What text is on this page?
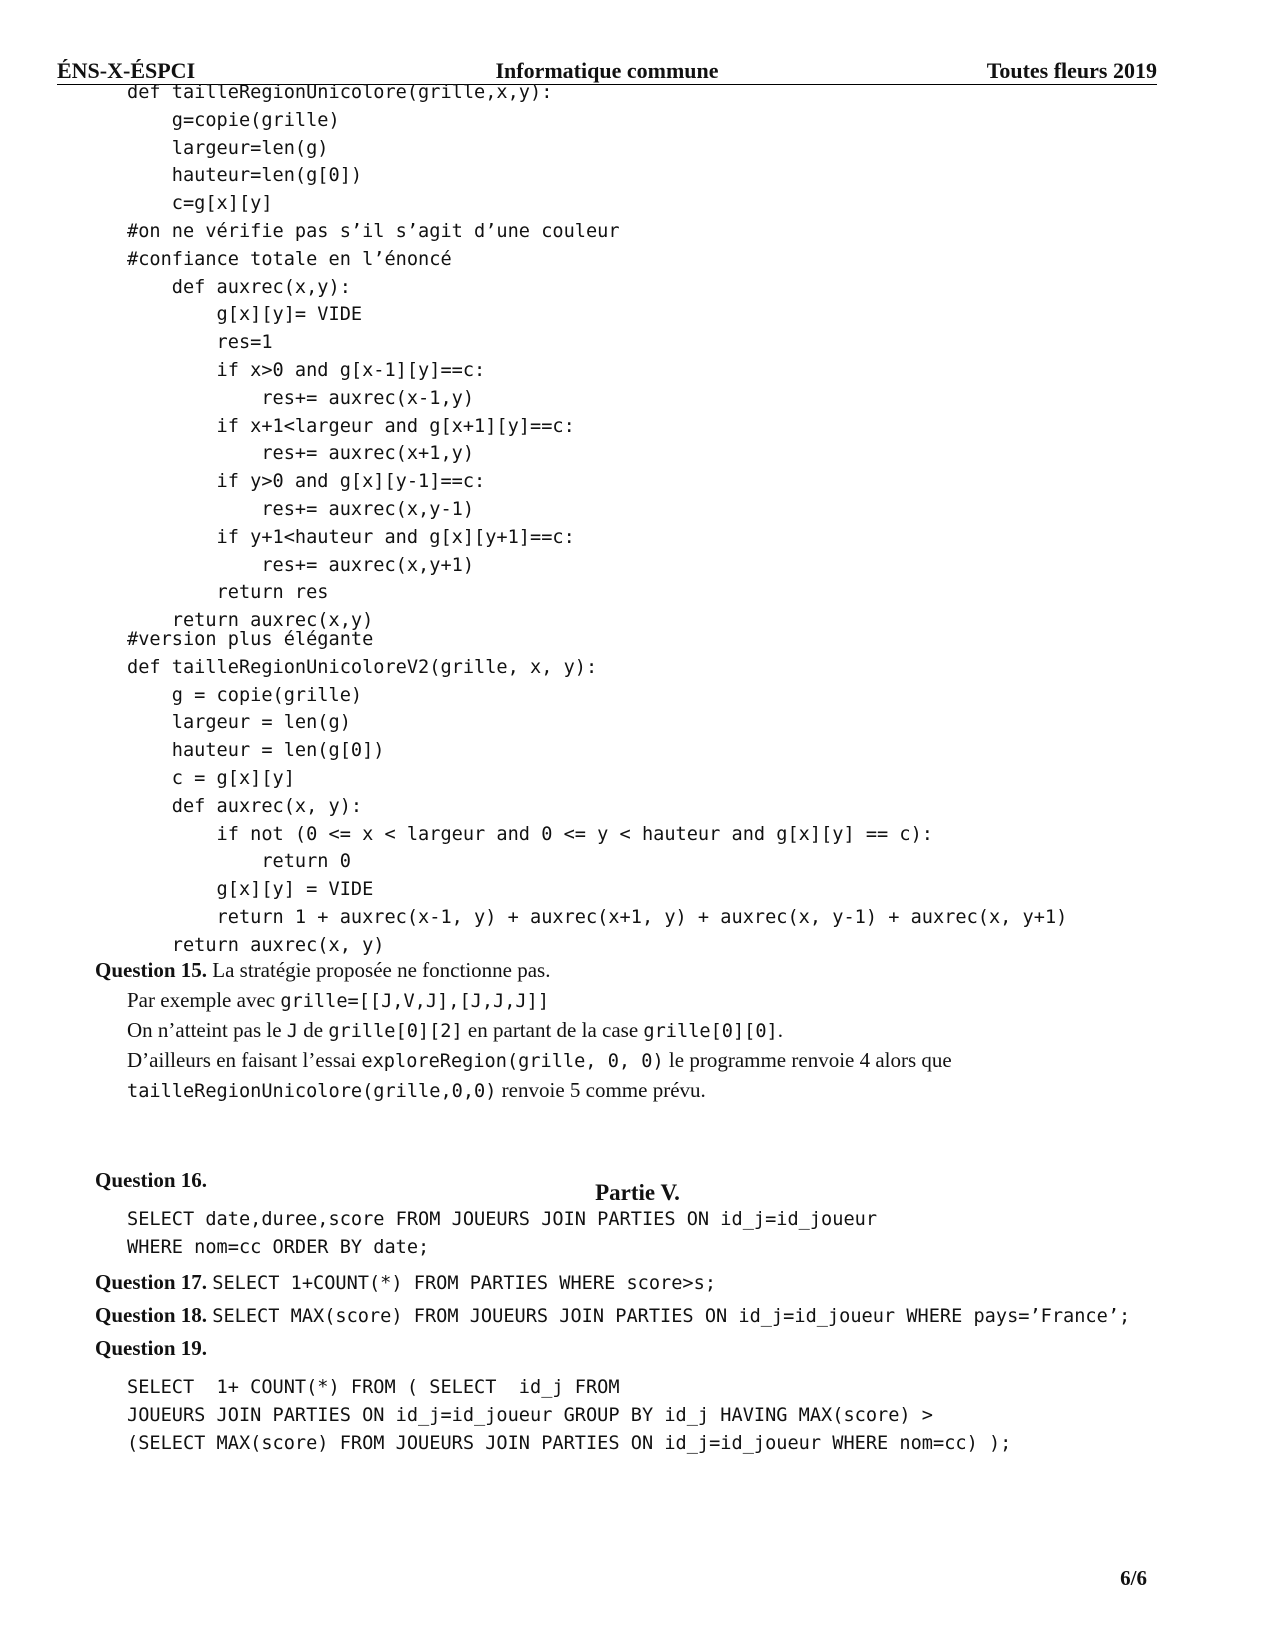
ÉNS-X-ÉSPCI	Informatique commune	Toutes fleurs 2019
def tailleRegionUnicolore(grille,x,y):
g=copie(grille)
largeur=len(g)
hauteur=len(g[0])
c=g[x][y]
#on ne vérifie pas s’il s’agit d’une couleur
#confiance totale en l’énoncé
def auxrec(x,y):
g[x][y]= VIDE
res=1
if x>0 and g[x-1][y]==c:
res+= auxrec(x-1,y)
if x+1<largeur and g[x+1][y]==c:
res+= auxrec(x+1,y)
if y>0 and g[x][y-1]==c:
res+= auxrec(x,y-1)
if y+1<hauteur and g[x][y+1]==c:
res+= auxrec(x,y+1)
return res
return auxrec(x,y)
#version plus élégante
def tailleRegionUnicoloreV2(grille, x, y):
g = copie(grille)
largeur = len(g)
hauteur = len(g[0])
c = g[x][y]
def auxrec(x, y):
if not (0 <= x < largeur and 0 <= y < hauteur and g[x][y] == c):
return 0
g[x][y] = VIDE
return 1 + auxrec(x-1, y) + auxrec(x+1, y) + auxrec(x, y-1) + auxrec(x, y+1)
return auxrec(x, y)
Question 15. La stratégie proposée ne fonctionne pas.
Par exemple avec grille=[[J,V,J],[J,J,J]]
On n’atteint pas le J de grille[0][2] en partant de la case grille[0][0].
D’ailleurs en faisant l’essai exploreRegion(grille, 0, 0) le programme renvoie 4 alors que
tailleRegionUnicolore(grille,0,0) renvoie 5 comme prévu.
Partie V.
Question 16.
SELECT date,duree,score FROM JOUEURS JOIN PARTIES ON id_j=id_joueur
WHERE nom=cc ORDER BY date;
Question 17. SELECT 1+COUNT(*) FROM PARTIES WHERE score>s;
Question 18. SELECT MAX(score) FROM JOUEURS JOIN PARTIES ON id_j=id_joueur WHERE pays=’France’;
Question 19.
SELECT  1+ COUNT(*) FROM ( SELECT  id_j FROM
JOUEURS JOIN PARTIES ON id_j=id_joueur GROUP BY id_j HAVING MAX(score) >
(SELECT MAX(score) FROM JOUEURS JOIN PARTIES ON id_j=id_joueur WHERE nom=cc) );
6/6
